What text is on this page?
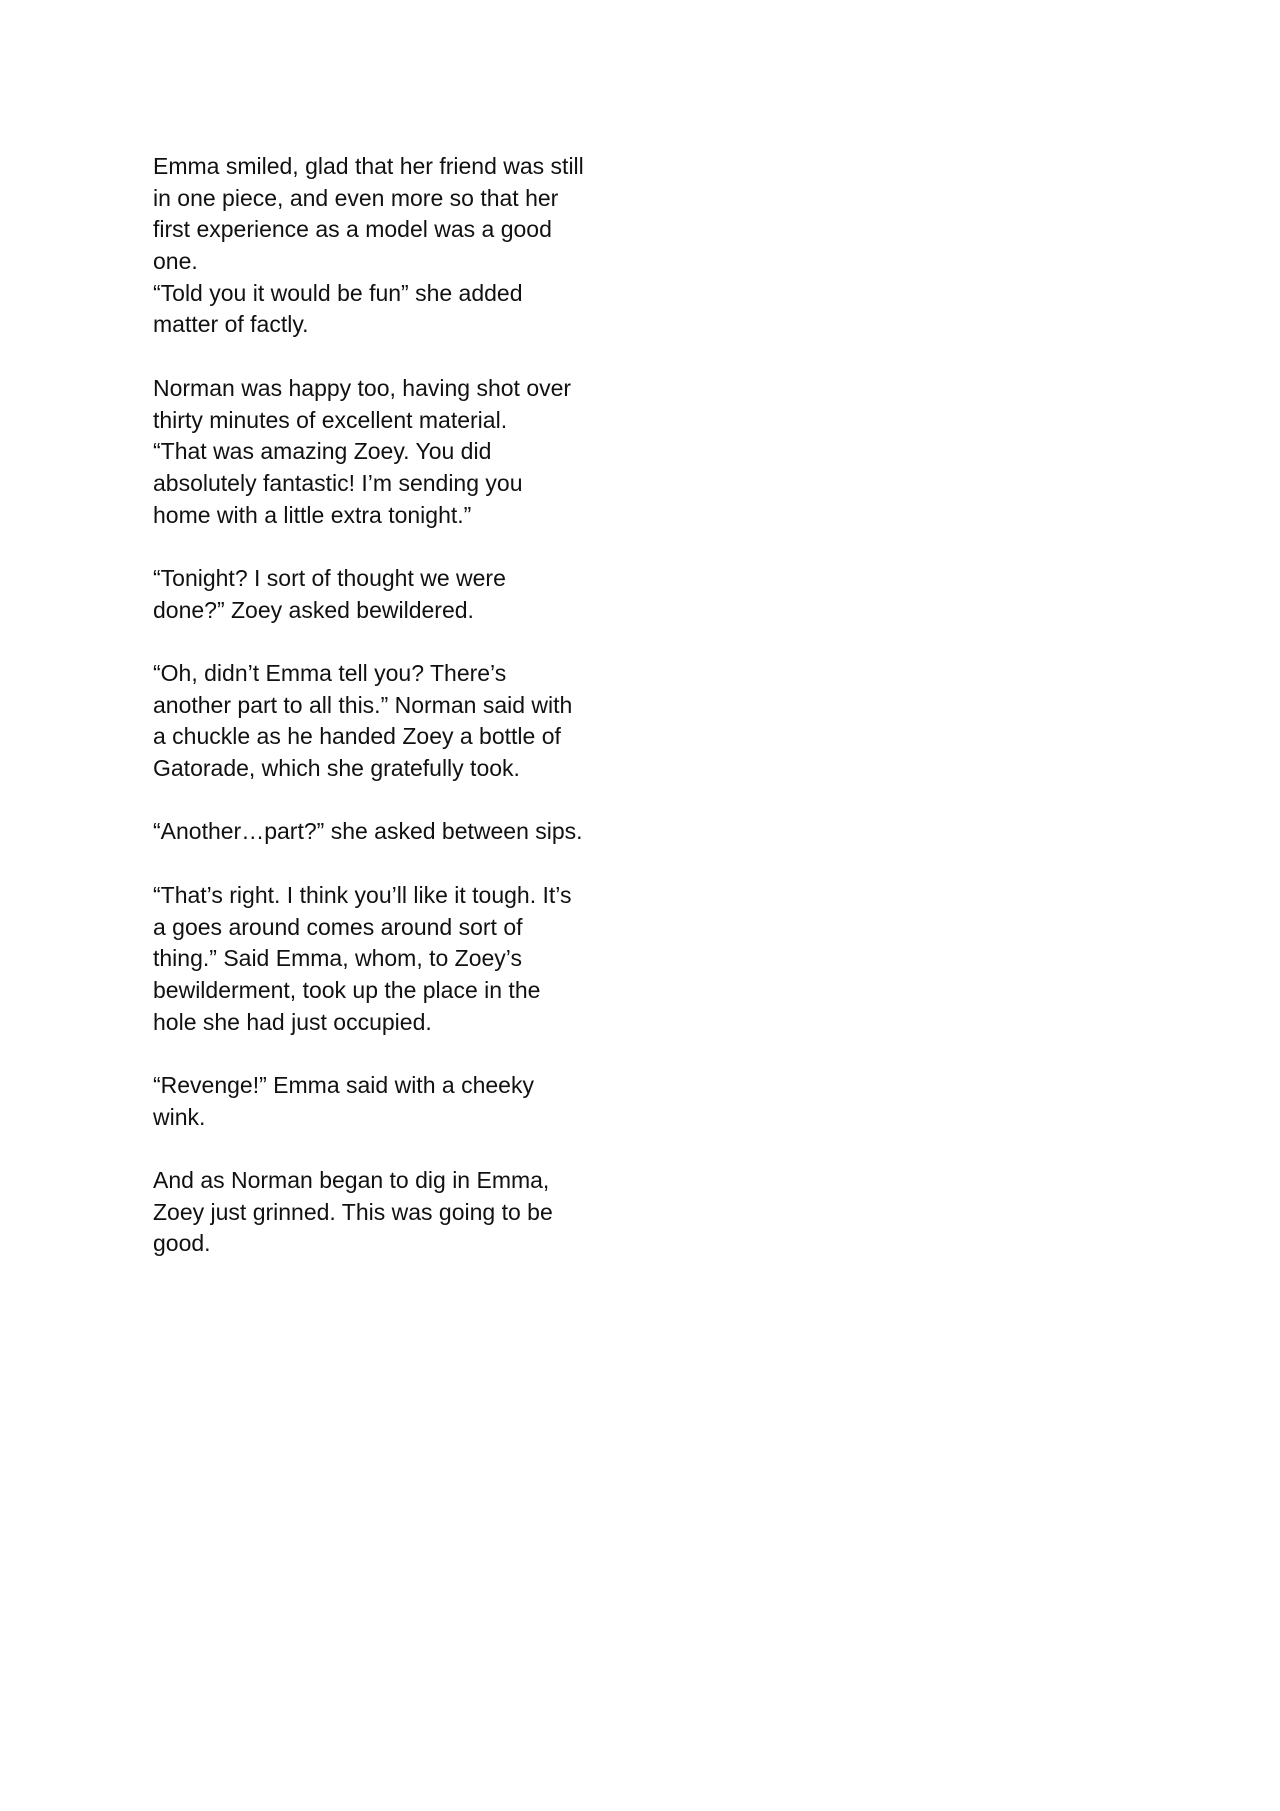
Emma smiled, glad that her friend was still
in one piece, and even more so that her
first experience as a model was a good
one.
“Told you it would be fun” she added
matter of factly.

Norman was happy too, having shot over
thirty minutes of excellent material.
“That was amazing Zoey. You did
absolutely fantastic! I’m sending you
home with a little extra tonight.”

“Tonight? I sort of thought we were
done?” Zoey asked bewildered.

“Oh, didn’t Emma tell you? There’s
another part to all this.” Norman said with
a chuckle as he handed Zoey a bottle of
Gatorade, which she gratefully took.

“Another…part?” she asked between sips.

“That’s right. I think you’ll like it tough. It’s
a goes around comes around sort of
thing.” Said Emma, whom, to Zoey’s
bewilderment, took up the place in the
hole she had just occupied.

“Revenge!” Emma said with a cheeky
wink.

And as Norman began to dig in Emma,
Zoey just grinned. This was going to be
good.
